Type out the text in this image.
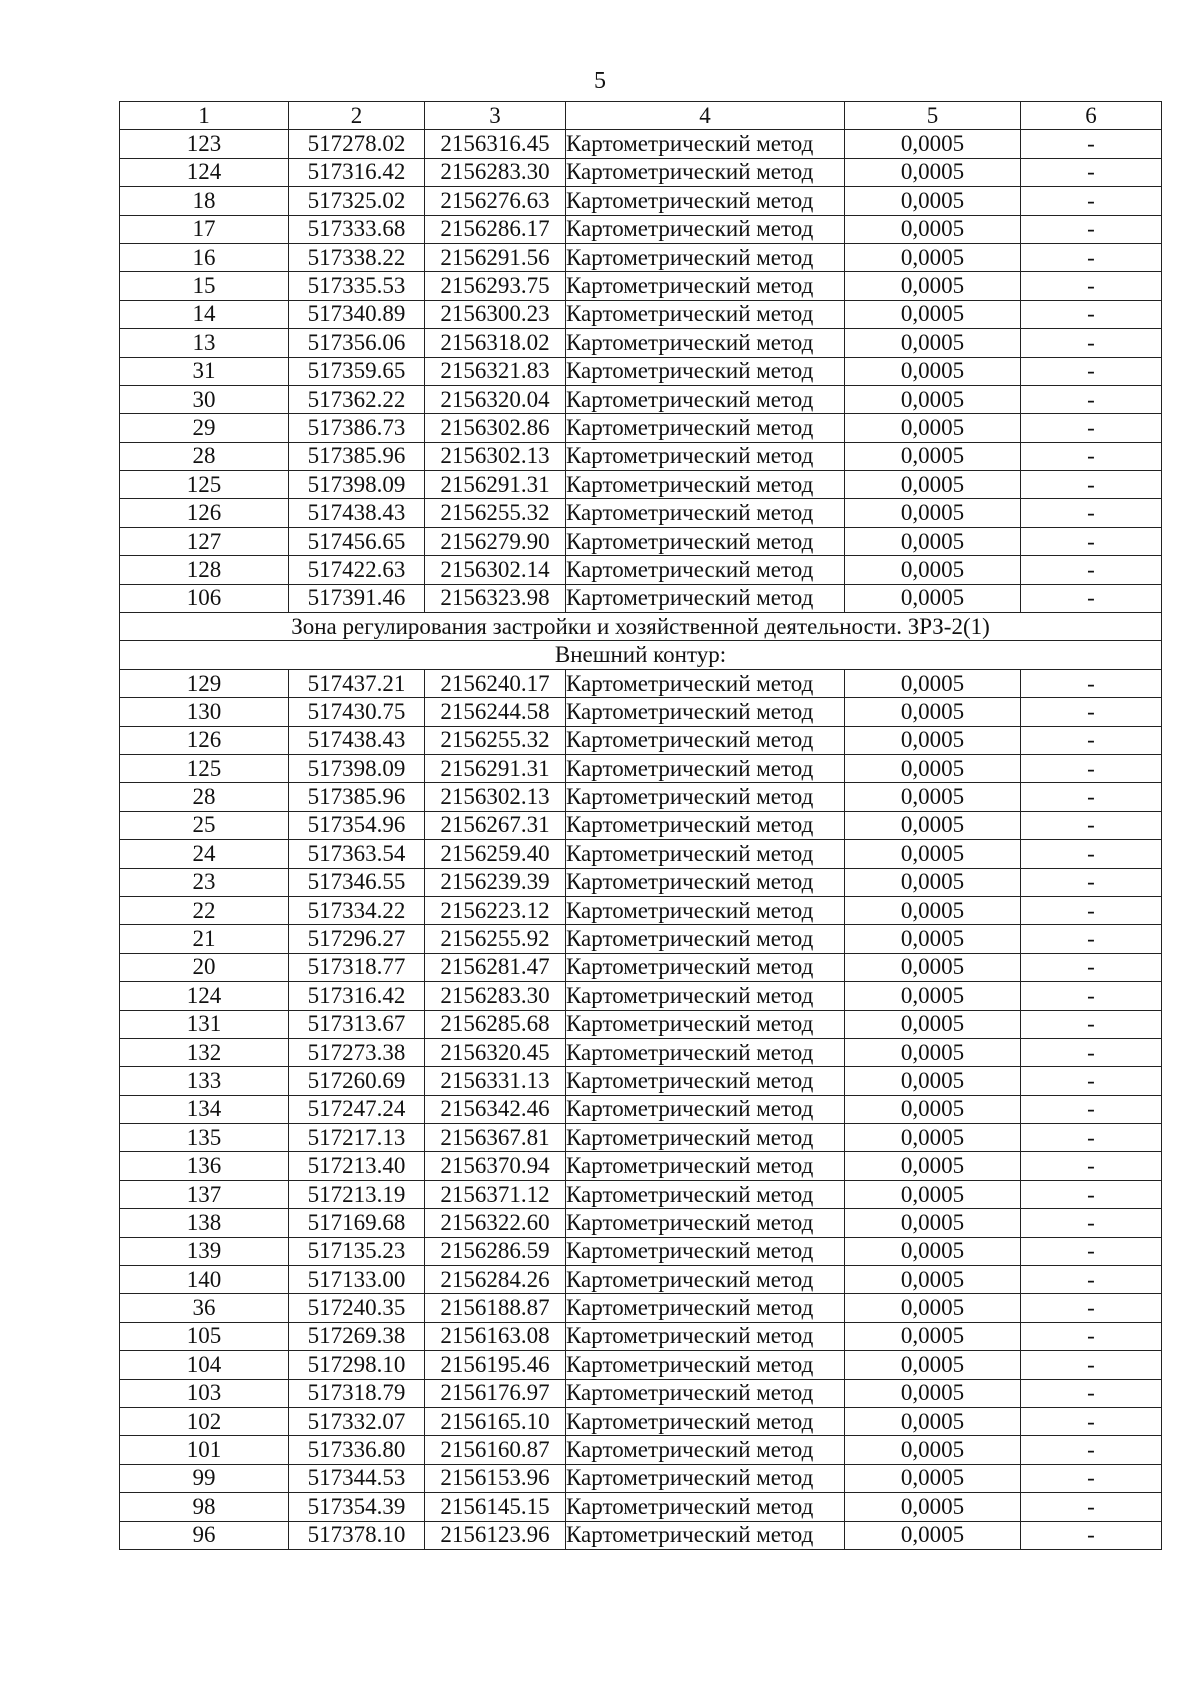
5
1	2	3	4	5	6
123	517278.02	2156316.45	Картометрический метод	0,0005	-
124	517316.42	2156283.30	Картометрический метод	0,0005	-
18	517325.02	2156276.63	Картометрический метод	0,0005	-
17	517333.68	2156286.17	Картометрический метод	0,0005	-
16	517338.22	2156291.56	Картометрический метод	0,0005	-
15	517335.53	2156293.75	Картометрический метод	0,0005	-
14	517340.89	2156300.23	Картометрический метод	0,0005	-
13	517356.06	2156318.02	Картометрический метод	0,0005	-
31	517359.65	2156321.83	Картометрический метод	0,0005	-
30	517362.22	2156320.04	Картометрический метод	0,0005	-
29	517386.73	2156302.86	Картометрический метод	0,0005	-
28	517385.96	2156302.13	Картометрический метод	0,0005	-
125	517398.09	2156291.31	Картометрический метод	0,0005	-
126	517438.43	2156255.32	Картометрический метод	0,0005	-
127	517456.65	2156279.90	Картометрический метод	0,0005	-
128	517422.63	2156302.14	Картометрический метод	0,0005	-
106	517391.46	2156323.98	Картометрический метод	0,0005	-
Зона регулирования застройки и хозяйственной деятельности. ЗРЗ-2(1)					
Внешний контур:					
129	517437.21	2156240.17	Картометрический метод	0,0005	-
130	517430.75	2156244.58	Картометрический метод	0,0005	-
126	517438.43	2156255.32	Картометрический метод	0,0005	-
125	517398.09	2156291.31	Картометрический метод	0,0005	-
28	517385.96	2156302.13	Картометрический метод	0,0005	-
25	517354.96	2156267.31	Картометрический метод	0,0005	-
24	517363.54	2156259.40	Картометрический метод	0,0005	-
23	517346.55	2156239.39	Картометрический метод	0,0005	-
22	517334.22	2156223.12	Картометрический метод	0,0005	-
21	517296.27	2156255.92	Картометрический метод	0,0005	-
20	517318.77	2156281.47	Картометрический метод	0,0005	-
124	517316.42	2156283.30	Картометрический метод	0,0005	-
131	517313.67	2156285.68	Картометрический метод	0,0005	-
132	517273.38	2156320.45	Картометрический метод	0,0005	-
133	517260.69	2156331.13	Картометрический метод	0,0005	-
134	517247.24	2156342.46	Картометрический метод	0,0005	-
135	517217.13	2156367.81	Картометрический метод	0,0005	-
136	517213.40	2156370.94	Картометрический метод	0,0005	-
137	517213.19	2156371.12	Картометрический метод	0,0005	-
138	517169.68	2156322.60	Картометрический метод	0,0005	-
139	517135.23	2156286.59	Картометрический метод	0,0005	-
140	517133.00	2156284.26	Картометрический метод	0,0005	-
36	517240.35	2156188.87	Картометрический метод	0,0005	-
105	517269.38	2156163.08	Картометрический метод	0,0005	-
104	517298.10	2156195.46	Картометрический метод	0,0005	-
103	517318.79	2156176.97	Картометрический метод	0,0005	-
102	517332.07	2156165.10	Картометрический метод	0,0005	-
101	517336.80	2156160.87	Картометрический метод	0,0005	-
99	517344.53	2156153.96	Картометрический метод	0,0005	-
98	517354.39	2156145.15	Картометрический метод	0,0005	-
96	517378.10	2156123.96	Картометрический метод	0,0005	-
